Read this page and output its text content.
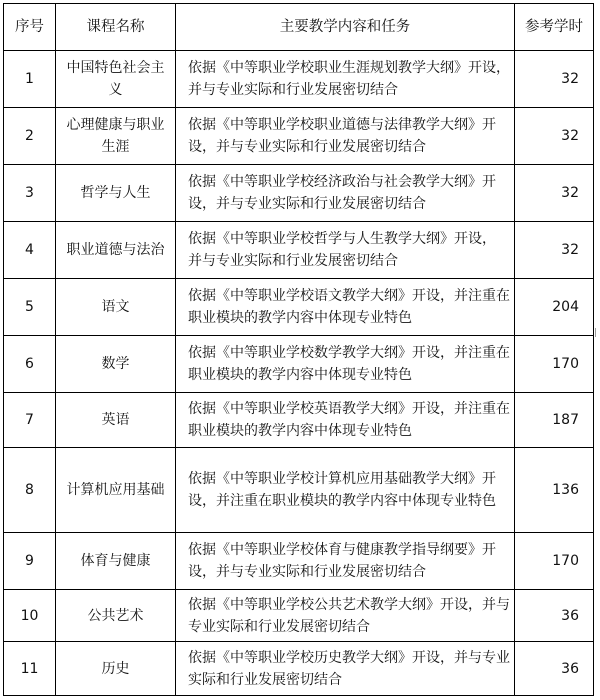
序号	课程名称	主要教学内容和任务	参考学时
1	中国特色社会主义	依据《中等职业学校职业生涯规划教学大纲》开设， 并与专业实际和行业发展密切结合	32
2	心理健康与职业生涯	依据《中等职业学校职业道德与法律教学大纲》开设，并与专业实际和行业发展密切结合	32
3	哲学与人生	依据《中等职业学校经济政治与社会教学大纲》开设，并与专业实际和行业发展密切结合	32
4	职业道德与法治	依据《中等职业学校哲学与人生教学大纲》开设， 并与专业实际和行业发展密切结合	32
5	语文	依据《中等职业学校语文教学大纲》开设，并注重在职业模块的教学内容中体现专业特色	204
6	数学	依据《中等职业学校数学教学大纲》开设，并注重在职业模块的教学内容中体现专业特色	170
7	英语	依据《中等职业学校英语教学大纲》开设，并注重在职业模块的教学内容中体现专业特色	187
8	计算机应用基础	依据《中等职业学校计算机应用基础教学大纲》开设，并注重在职业模块的教学内容中体现专业特色	136
9	体育与健康	依据《中等职业学校体育与健康教学指导纲要》开设，并与专业实际和行业发展密切结合	170
10	公共艺术	依据《中等职业学校公共艺术教学大纲》开设，并与专业实际和行业发展密切结合	36
11	历史	依据《中等职业学校历史教学大纲》开设，并与专业实际和行业发展密切结合	36
